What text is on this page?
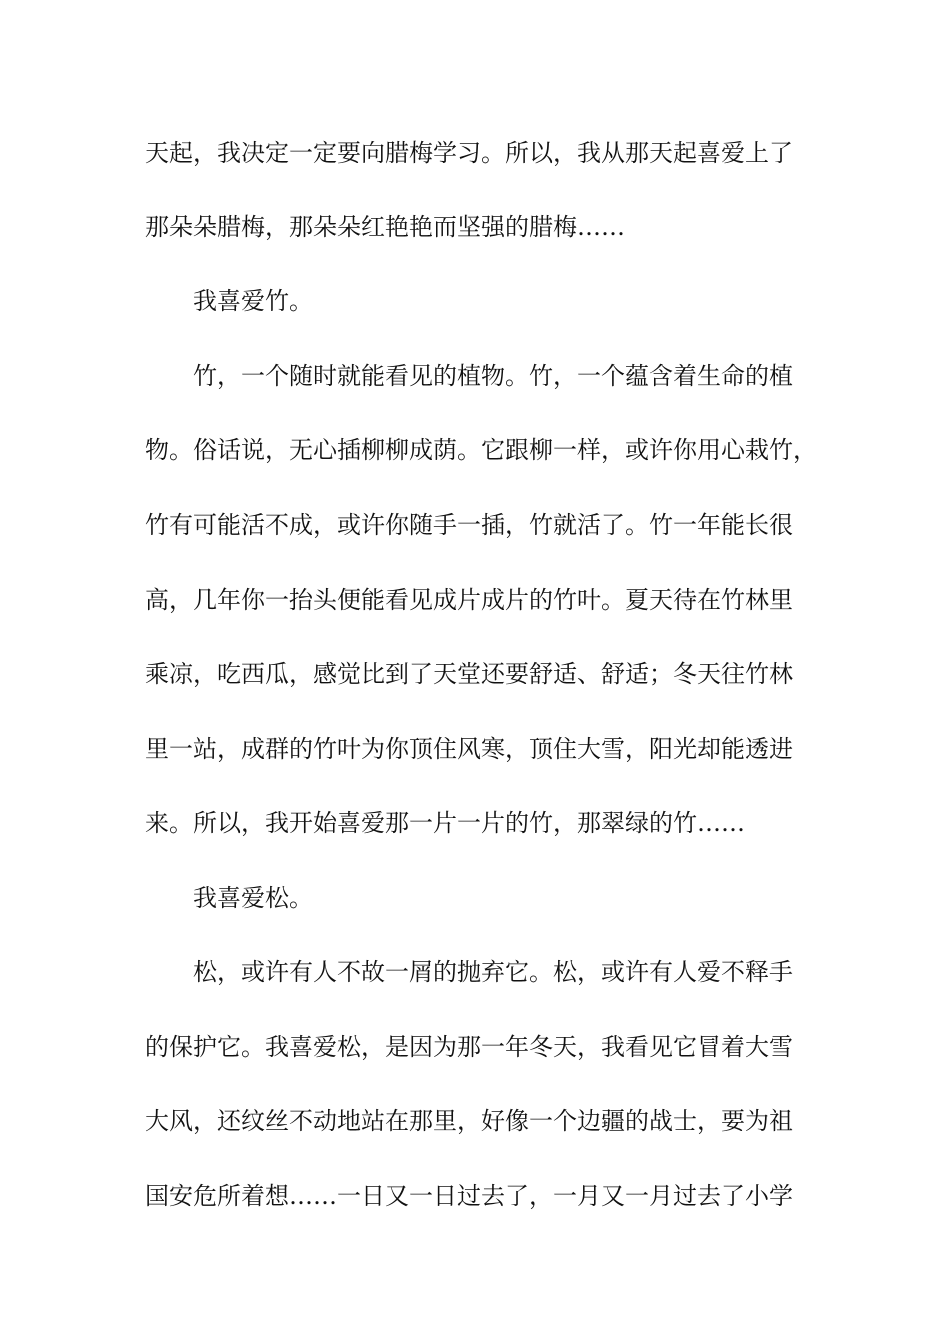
天起，我决定一定要向腊梅学习。所以，我从那天起喜爱上了
那朵朵腊梅，那朵朵红艳艳而坚强的腊梅……
我喜爱竹。
竹，一个随时就能看见的植物。竹，一个蕴含着生命的植
物。俗话说，无心插柳柳成荫。它跟柳一样，或许你用心栽竹，
竹有可能活不成，或许你随手一插，竹就活了。竹一年能长很
高，几年你一抬头便能看见成片成片的竹叶。夏天待在竹林里
乘凉，吃西瓜，感觉比到了天堂还要舒适、舒适；冬天往竹林
里一站，成群的竹叶为你顶住风寒，顶住大雪，阳光却能透进
来。所以，我开始喜爱那一片一片的竹，那翠绿的竹……
我喜爱松。
松，或许有人不故一屑的抛弃它。松，或许有人爱不释手
的保护它。我喜爱松，是因为那一年冬天，我看见它冒着大雪
大风，还纹丝不动地站在那里，好像一个边疆的战士，要为祖
国安危所着想……一日又一日过去了，一月又一月过去了小学
